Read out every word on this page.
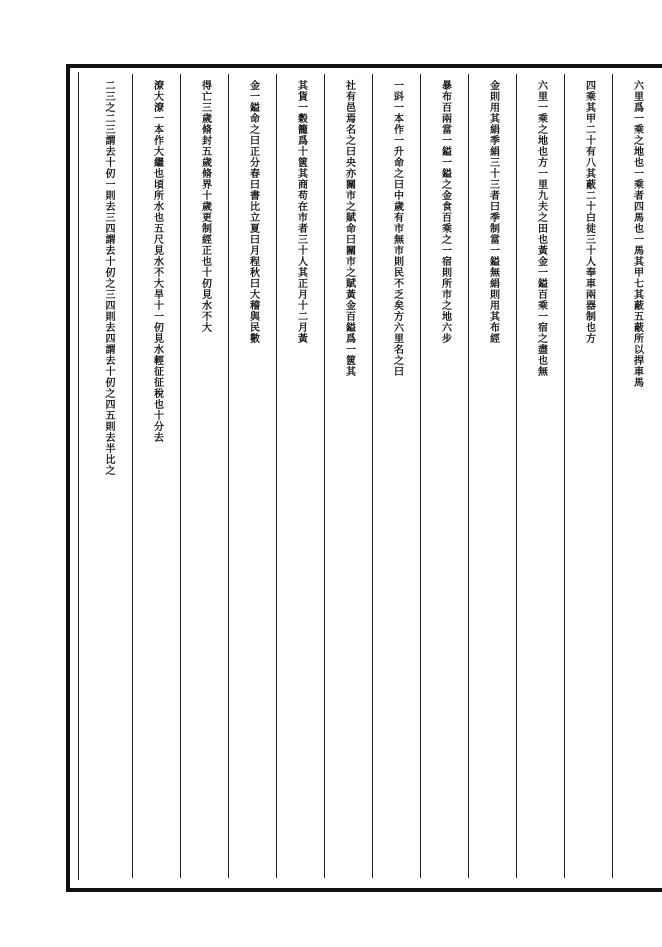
六里爲一乘之地也一乘者四馬也一馬其甲七其蔽五蔽所以捍車馬
四乘其甲二十有八其蔽二十白徒三十人奉車兩器制也方
六里一乘之地也方一里九夫之田也黃金一鎰百乘一宿之盡也無
金則用其絹季絹三十三者曰季制當一鎰無絹則用其布經
暴布百兩當一鎰一鎰之金食百乘之一宿則所市之地六步
一㪷一本作一升命之曰中歲有市無市則民不乏矣方六里名之曰
社有邑焉名之曰央亦關市之賦命曰關市之賦黃金百鎰爲一篋其
其貨一穀籠爲十篋其商苟在市者三十人其正月十二月黃
金一鎰命之曰正分春曰書比立夏曰月程秋曰大稽與民數
得亡三歲脩封五歲脩界十歲更制經正也十仞見水不大
潦大潦一本作大繼也頃所水也五尺見水不大旱十一仞見水輕征征稅也十分去
二三之二三謂去十仞一則去三四謂去十仞之三四則去四謂去十仞之四五則去半比之
